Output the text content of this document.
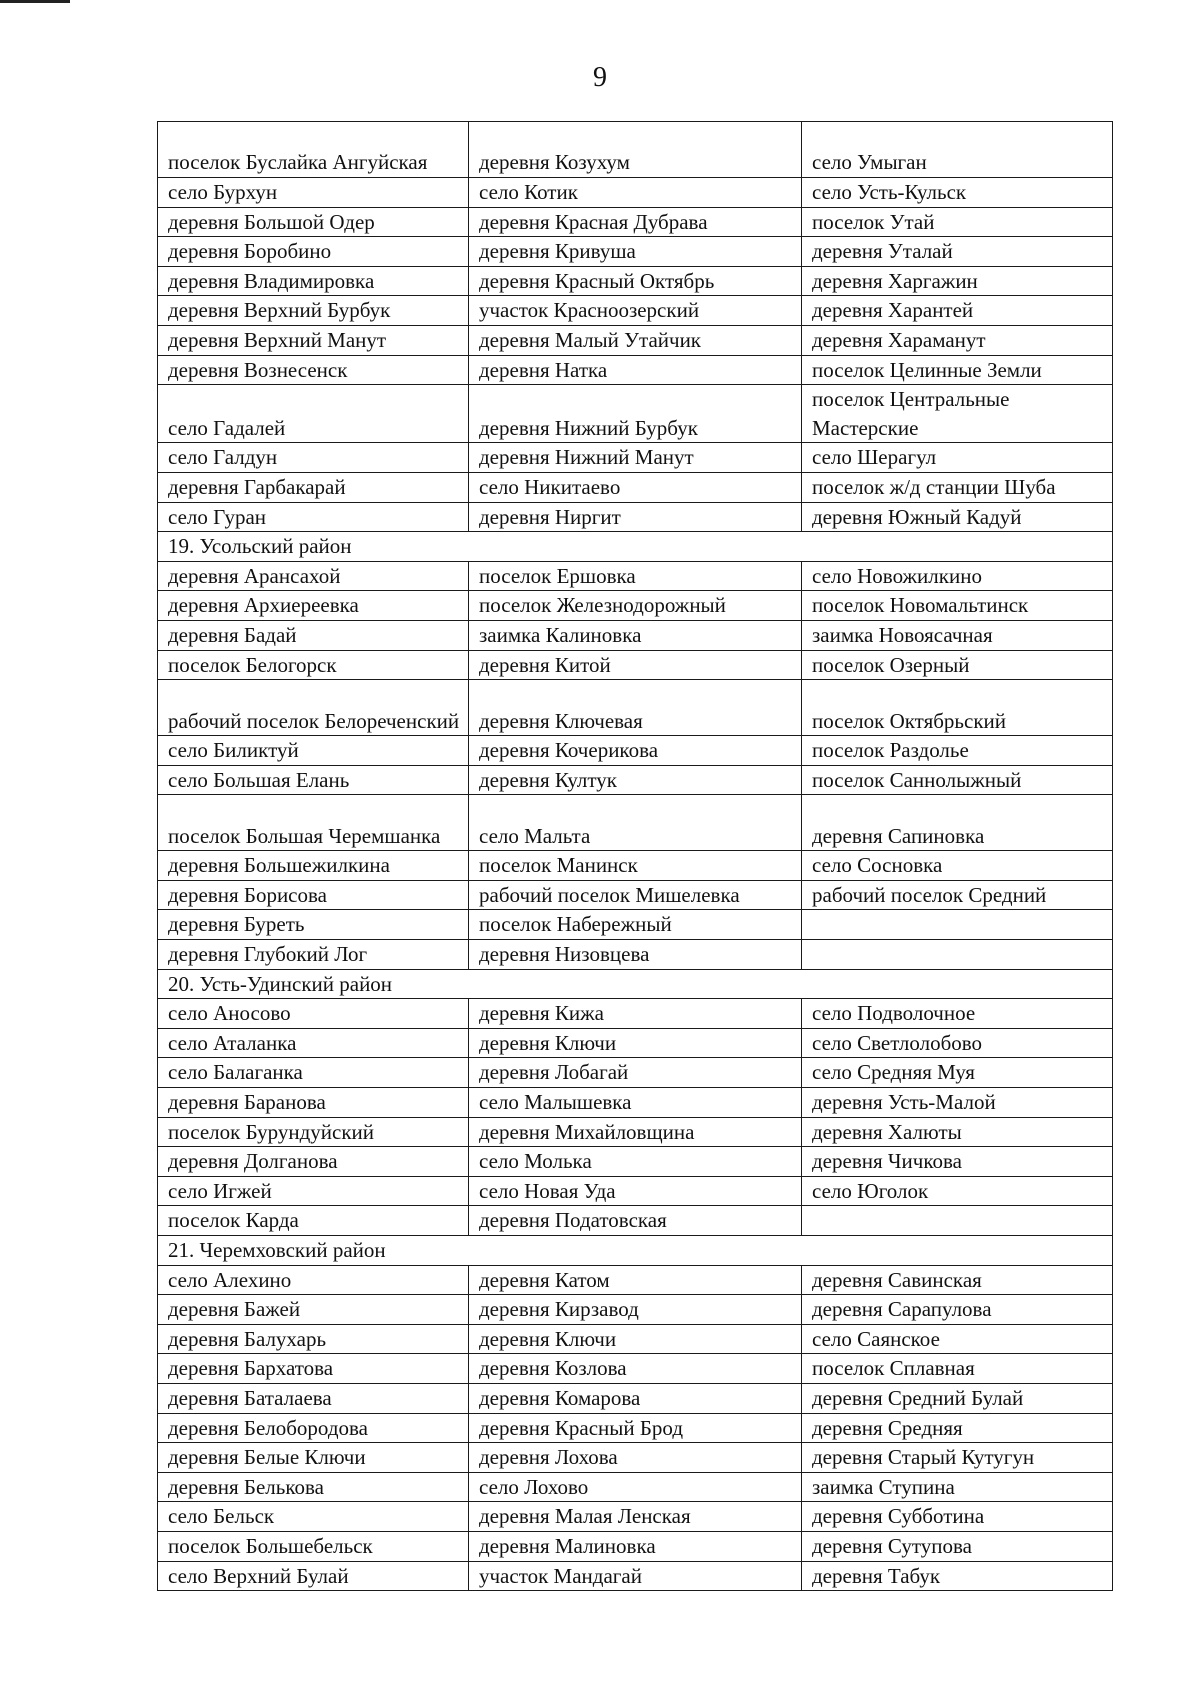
9
поселок Буслайка Ангуйская	деревня Козухум	село Умыган
село Бурхун	село Котик	село Усть-Кульск
деревня Большой Одер	деревня Красная Дубрава	поселок Утай
деревня Боробино	деревня Кривуша	деревня Уталай
деревня Владимировка	деревня Красный Октябрь	деревня Харгажин
деревня Верхний Бурбук	участок Красноозерский	деревня Харантей
деревня Верхний Манут	деревня Малый Утайчик	деревня Хараманут
деревня Вознесенск	деревня Натка	поселок Целинные Земли
село Гадалей	деревня Нижний Бурбук	поселок Центральные Мастерские
село Галдун	деревня Нижний Манут	село Шерагул
деревня Гарбакарай	село Никитаево	поселок ж/д станции Шуба
село Гуран	деревня Ниргит	деревня Южный Кадуй
19. Усольский район		
деревня Арансахой	поселок Ершовка	село Новожилкино
деревня Архиереевка	поселок Железнодорожный	поселок Новомальтинск
деревня Бадай	заимка Калиновка	заимка Новоясачная
поселок Белогорск	деревня Китой	поселок Озерный
рабочий поселок Белореченский	деревня Ключевая	поселок Октябрьский
село Биликтуй	деревня Кочерикова	поселок Раздолье
село Большая Елань	деревня Култук	поселок Саннолыжный
поселок Большая Черемшанка	село Мальта	деревня Сапиновка
деревня Большежилкина	поселок Манинск	село Сосновка
деревня Борисова	рабочий поселок Мишелевка	рабочий поселок Средний
деревня Буреть	поселок Набережный	
деревня Глубокий Лог	деревня Низовцева	
20. Усть-Удинский район		
село Аносово	деревня Кижа	село Подволочное
село Аталанка	деревня Ключи	село Светлолобово
село Балаганка	деревня Лобагай	село Средняя Муя
деревня Баранова	село Малышевка	деревня Усть-Малой
поселок Бурундуйский	деревня Михайловщина	деревня Халюты
деревня Долганова	село Молька	деревня Чичкова
село Игжей	село Новая Уда	село Юголок
поселок Карда	деревня Податовская	
21. Черемховский район		
село Алехино	деревня Катом	деревня Савинская
деревня Бажей	деревня Кирзавод	деревня Сарапулова
деревня Балухарь	деревня Ключи	село Саянское
деревня Бархатова	деревня Козлова	поселок Сплавная
деревня Баталаева	деревня Комарова	деревня Средний Булай
деревня Белобородова	деревня Красный Брод	деревня Средняя
деревня Белые Ключи	деревня Лохова	деревня Старый Кутугун
деревня Белькова	село Лохово	заимка Ступина
село Бельск	деревня Малая Ленская	деревня Субботина
поселок Большебельск	деревня Малиновка	деревня Сутупова
село Верхний Булай	участок Мандагай	деревня Табук
